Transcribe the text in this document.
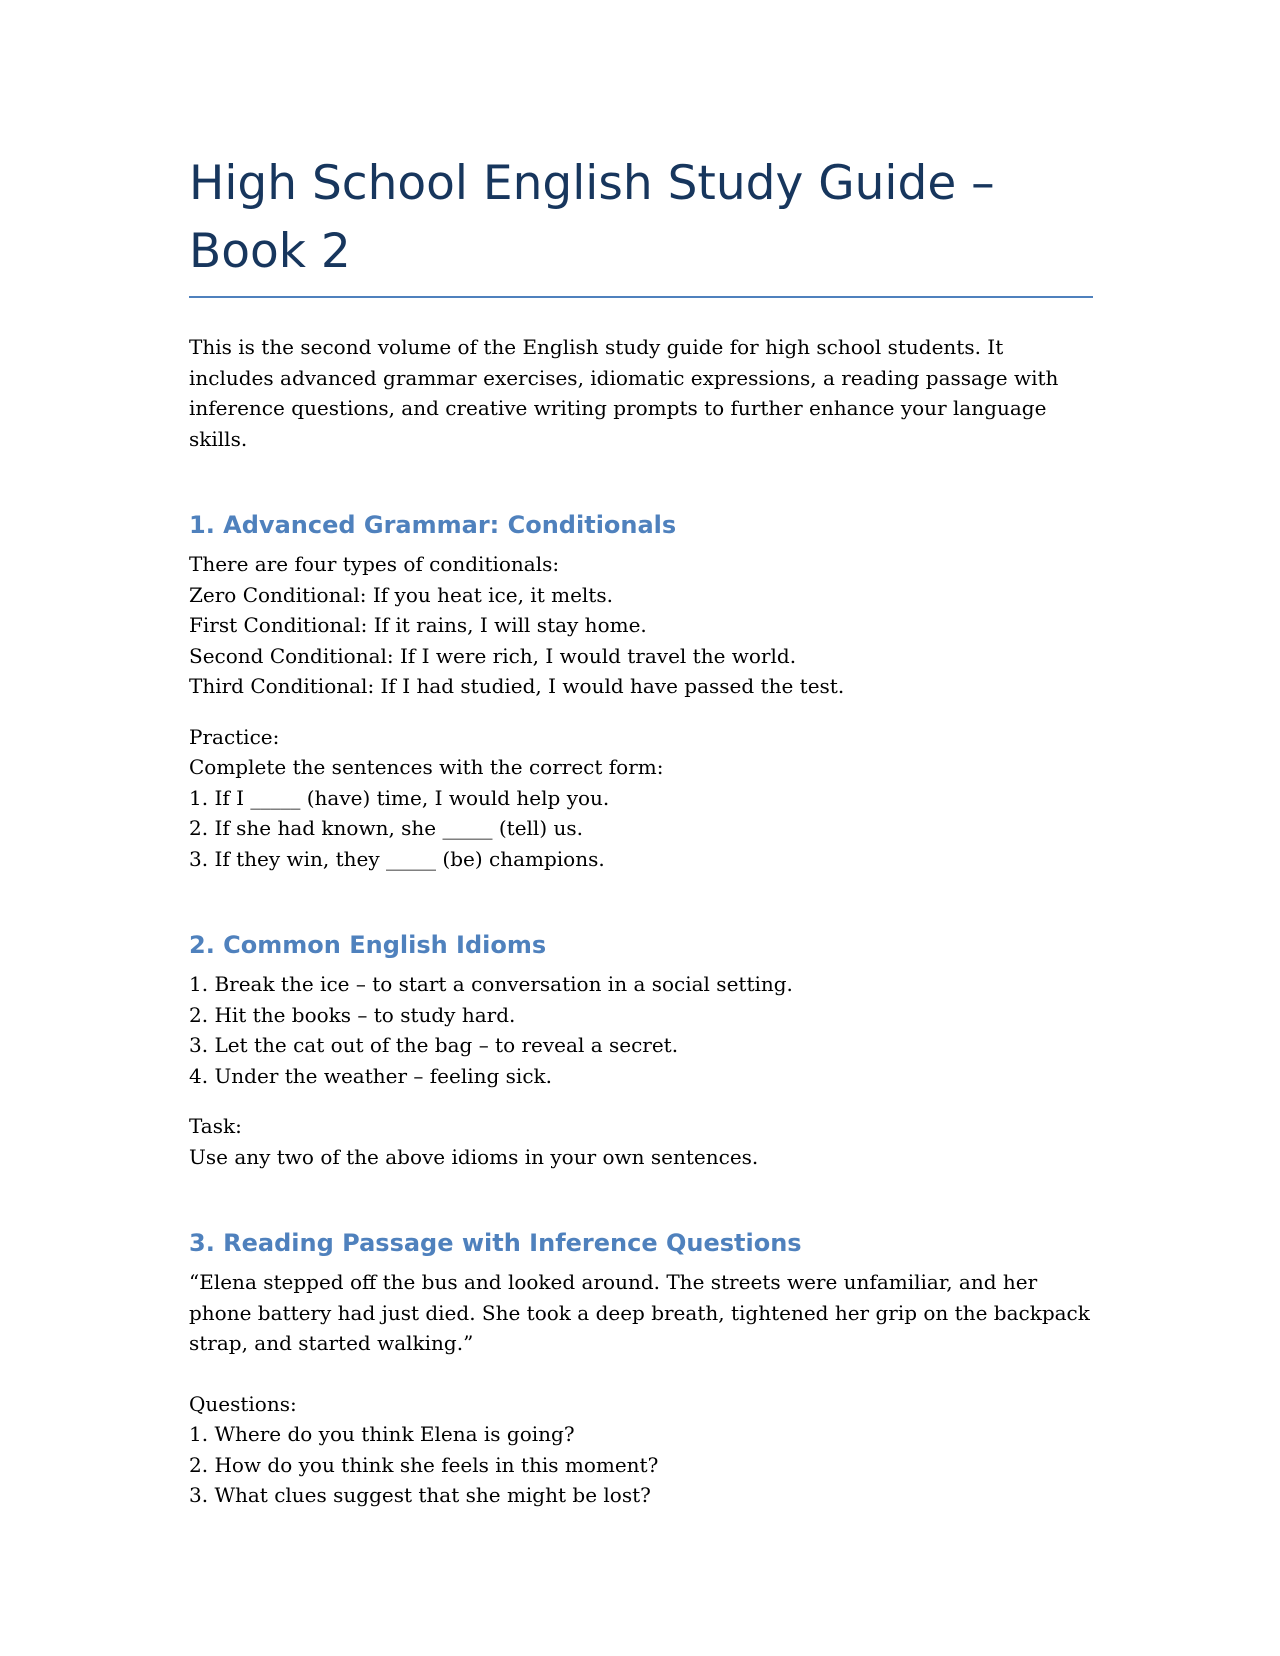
High School English Study Guide – Book 2

This is the second volume of the English study guide for high school students. It includes advanced grammar exercises, idiomatic expressions, a reading passage with inference questions, and creative writing prompts to further enhance your language skills.

1. Advanced Grammar: Conditionals
There are four types of conditionals:
Zero Conditional: If you heat ice, it melts.
First Conditional: If it rains, I will stay home.
Second Conditional: If I were rich, I would travel the world.
Third Conditional: If I had studied, I would have passed the test.
Practice:
Complete the sentences with the correct form:
1. If I _____ (have) time, I would help you.
2. If she had known, she _____ (tell) us.
3. If they win, they _____ (be) champions.
2. Common English Idioms
1. Break the ice – to start a conversation in a social setting.
2. Hit the books – to study hard.
3. Let the cat out of the bag – to reveal a secret.
4. Under the weather – feeling sick.
Task:
Use any two of the above idioms in your own sentences.
3. Reading Passage with Inference Questions

“Elena stepped off the bus and looked around. The streets were unfamiliar, and her phone battery had just died. She took a deep breath, tightened her grip on the backpack strap, and started walking.”

Questions:
1. Where do you think Elena is going?
2. How do you think she feels in this moment?
3. What clues suggest that she might be lost?
